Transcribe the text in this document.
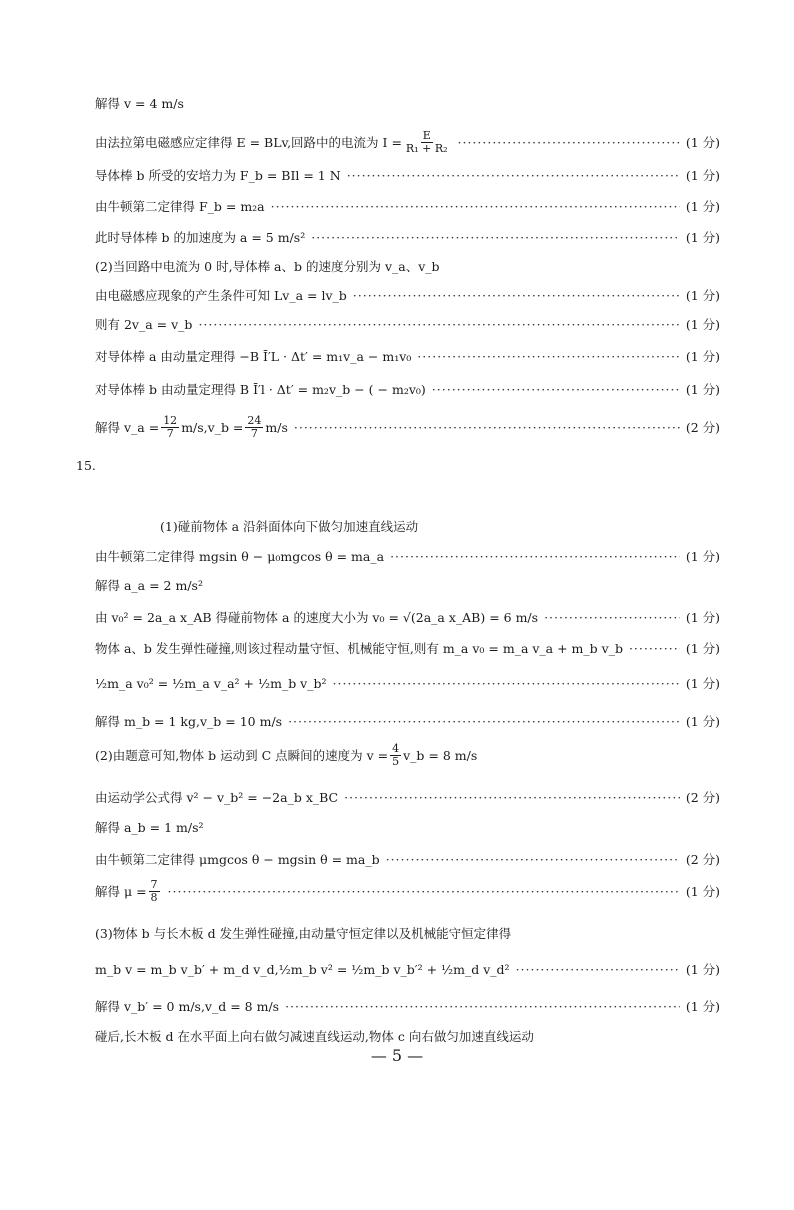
解得 v = 4 m/s
由法拉第电磁感应定律得 E = BLv,回路中的电流为 $I = \frac{E}{\text{R₁ + R₂}}$ ·····	(1 分)
导体棒 b 所受的安培力为 F_b = BIl = 1 N ·····	(1 分)
由牛顿第二定律得 F_b = m₂a ·····	(1 分)
此时导体棒 b 的加速度为 a = 5 m/s² ·····	(1 分)
(2)当回路中电流为 0 时,导体棒 a、b 的速度分别为 v_a、v_b
由电磁感应现象的产生条件可知 Lv_a = lv_b ·····	(1 分)
则有 2v_a = v_b ·····	(1 分)
对导体棒 a 由动量定理得 −B Ī′L · Δt′ = m₁v_a − m₁v₀ ·····	(1 分)
对导体棒 b 由动量定理得 B Ī′l · Δt′ = m₂v_b − ( − m₂v₀) ·····	(1 分)
解得 v_a = $\frac{12}{7}$ m/s,v_b = $\frac{24}{7} m/s$ ·····	(2 分)
15.
(1)碰前物体 a 沿斜面体向下做匀加速直线运动
由牛顿第二定律得 mgsin θ − μ₀mgcos θ = ma_a ·····	(1 分)
解得 a_a = 2 m/s²
由 v₀² = 2a_a x_AB 得碰前物体 a 的速度大小为 v₀ = √(2a_a x_AB) = 6 m/s ·····	(1 分)
物体 a、b 发生弹性碰撞,则该过程动量守恒、机械能守恒,则有 m_a v₀ = m_a v_a + m_b v_b ·····	(1 分)
½m_a v₀² = ½m_a v_a² + ½m_b v_b² ·····	(1 分)
解得 m_b = 1 kg,v_b = 10 m/s ·····	(1 分)
(2)由题意可知,物体 b 运动到 C 点瞬间的速度为 $v = \frac{4}{5}$ v_b = 8 m/s
由运动学公式得 v² − v_b² = −2a_b x_BC ·····	(2 分)
解得 a_b = 1 m/s²
由牛顿第二定律得 μmgcos θ − mgsin θ = ma_b ·····	(2 分)
解得 $\mu = \frac{7}{8}$ ·····	(1 分)
(3)物体 b 与长木板 d 发生弹性碰撞,由动量守恒定律以及机械能守恒定律得
m_b v = m_b v_b′ + m_d v_d,½m_b v² = ½m_b v_b′² + ½m_d v_d² ·····	(1 分)
解得 v_b′ = 0 m/s,v_d = 8 m/s ·····	(1 分)
碰后,长木板 d 在水平面上向右做匀减速直线运动,物体 c 向右做匀加速直线运动
— 5 —
